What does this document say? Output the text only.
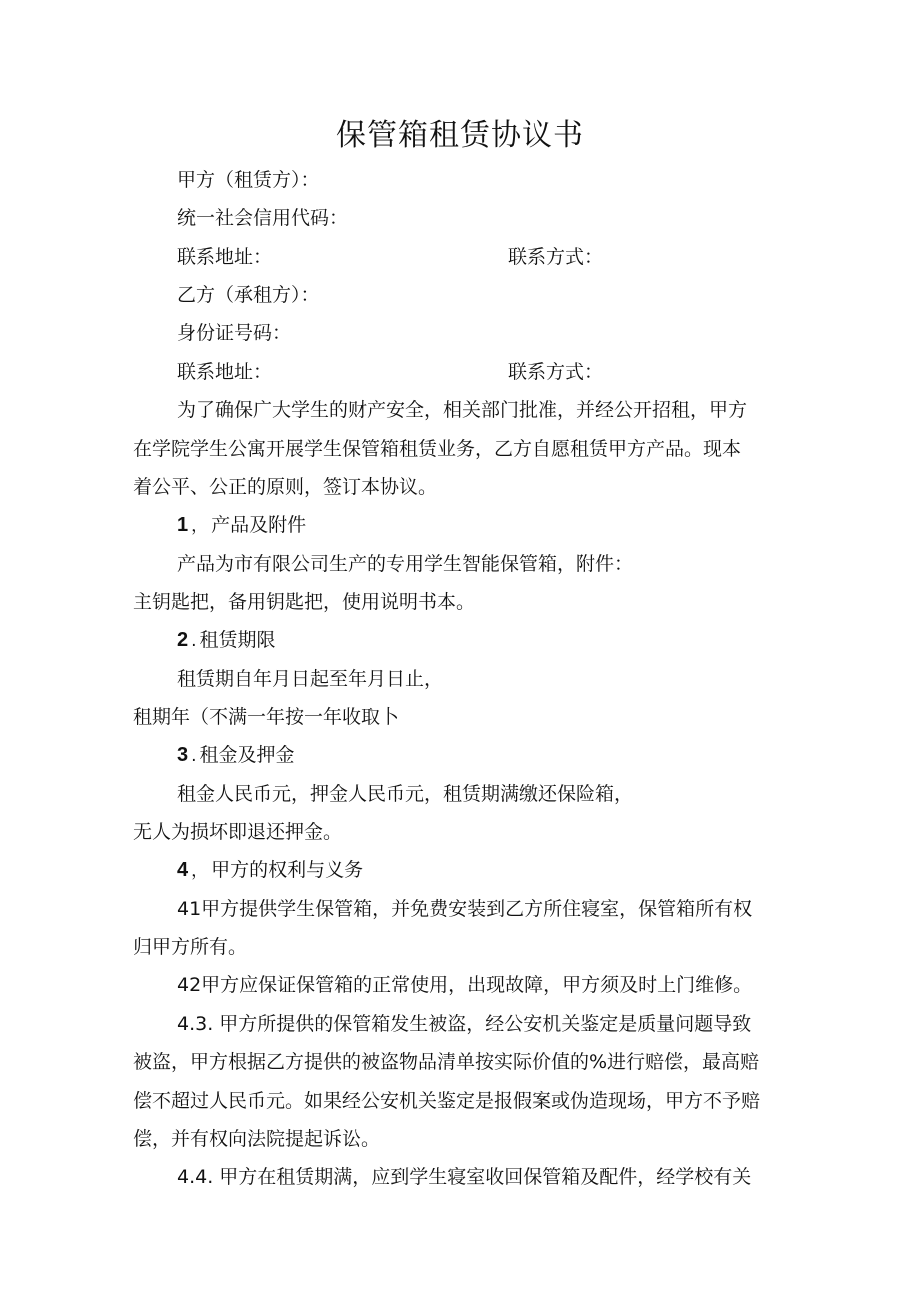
保管箱租赁协议书
甲方（租赁方）：
统一社会信用代码：
联系地址：	联系方式：
乙方（承租方）：
身份证号码：
联系地址：	联系方式：
为了确保广大学生的财产安全，相关部门批准，并经公开招租，甲方
在学院学生公寓开展学生保管箱租赁业务，乙方自愿租赁甲方产品。现本
着公平、公正的原则，签订本协议。
1 ， 产品及附件
产品为市有限公司生产的专用学生智能保管箱，附件：
主钥匙把，备用钥匙把，使用说明书本。
2 . 租赁期限
租赁期自年月日起至年月日止，
租期年（不满一年按一年收取卜
3 . 租金及押金
租金人民币元，押金人民币元，租赁期满缴还保险箱，
无人为损坏即退还押金。
4 ， 甲方的权利与义务
41甲方提供学生保管箱，并免费安装到乙方所住寝室，保管箱所有权
归甲方所有。
42甲方应保证保管箱的正常使用，出现故障，甲方须及时上门维修。
4.3. 甲方所提供的保管箱发生被盗，经公安机关鉴定是质量问题导致
被盗，甲方根据乙方提供的被盗物品清单按实际价值的%进行赔偿，最高赔
偿不超过人民币元。如果经公安机关鉴定是报假案或伪造现场，甲方不予赔
偿，并有权向法院提起诉讼。
4.4. 甲方在租赁期满，应到学生寝室收回保管箱及配件，经学校有关
